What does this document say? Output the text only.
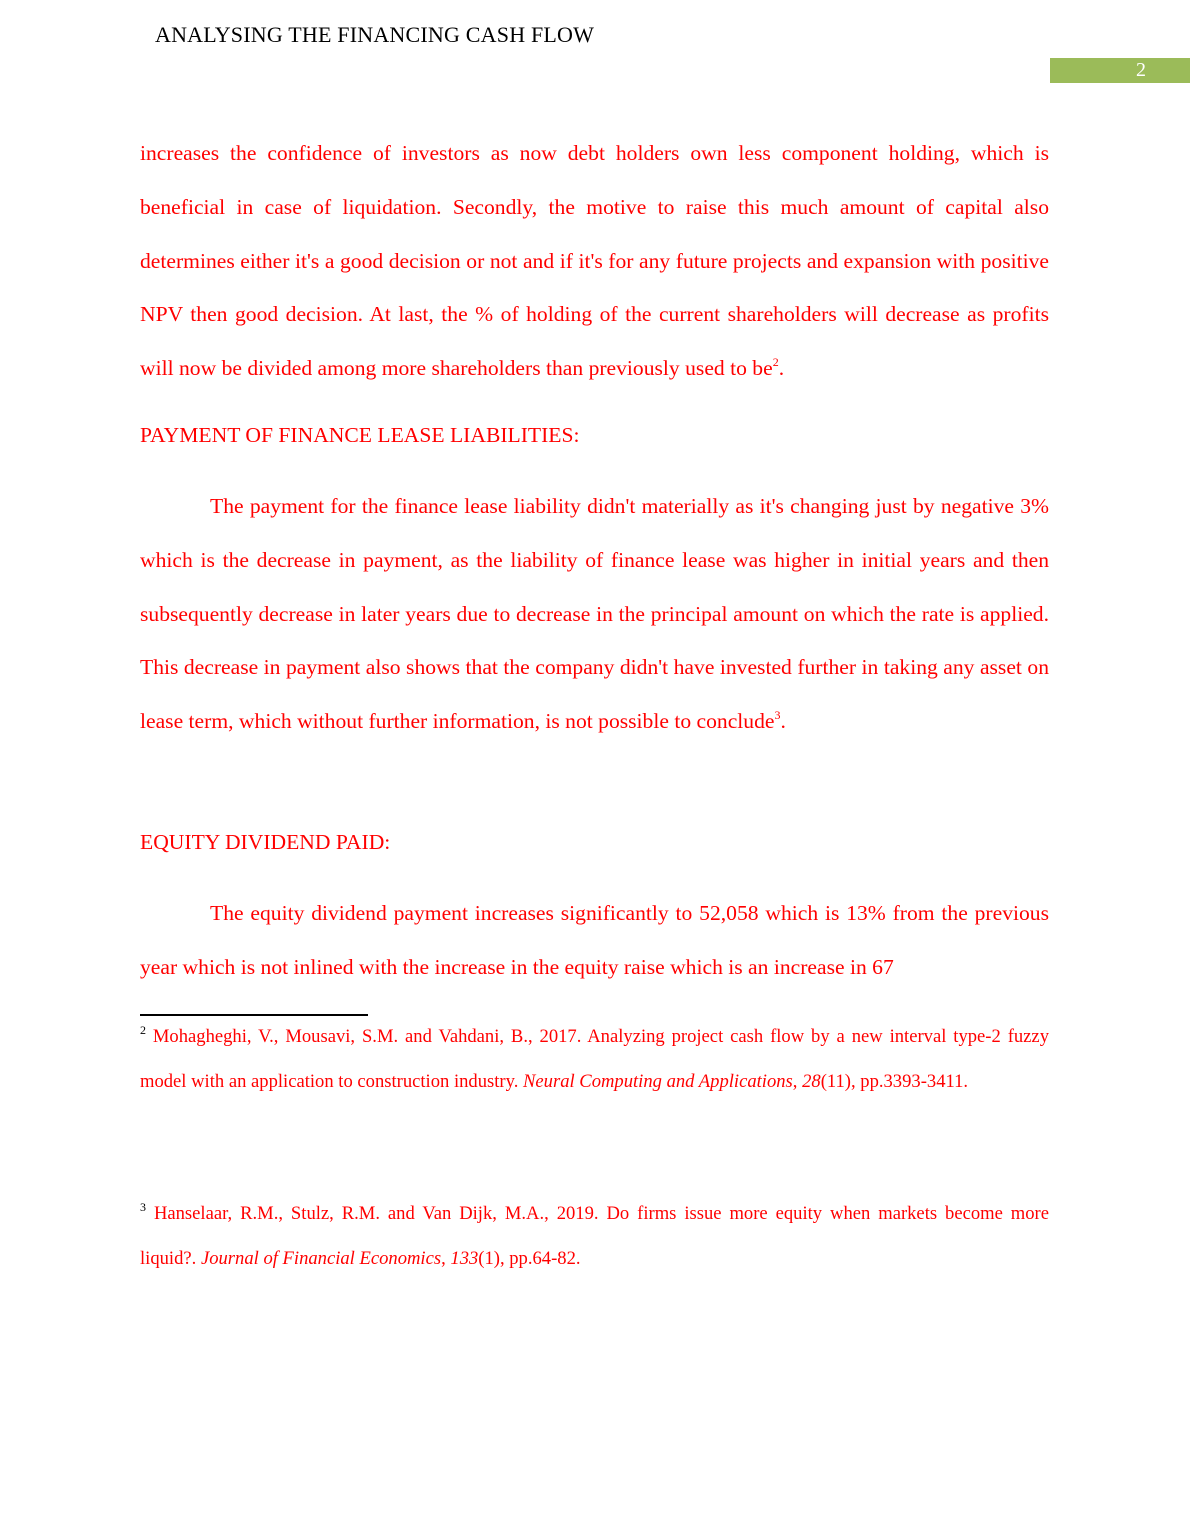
ANALYSING THE FINANCING CASH FLOW
2

increases the confidence of investors as now debt holders own less component holding, which is beneficial in case of liquidation. Secondly, the motive to raise this much amount of capital also determines either it's a good decision or not and if it's for any future projects and expansion with positive NPV then good decision. At last, the % of holding of the current shareholders will decrease as profits will now be divided among more shareholders than previously used to be$^2$.

PAYMENT OF FINANCE LEASE LIABILITIES:

The payment for the finance lease liability didn't materially as it's changing just by negative 3% which is the decrease in payment, as the liability of finance lease was higher in initial years and then subsequently decrease in later years due to decrease in the principal amount on which the rate is applied. This decrease in payment also shows that the company didn't have invested further in taking any asset on lease term, which without further information, is not possible to conclude$^3$.

EQUITY DIVIDEND PAID:

The equity dividend payment increases significantly to 52,058 which is 13% from the previous year which is not inlined with the increase in the equity raise which is an increase in 67

$^2$ Mohagheghi, V., Mousavi, S.M. and Vahdani, B., 2017. Analyzing project cash flow by a new interval type-2 fuzzy model with an application to construction industry. Neural Computing and Applications, 28(11), pp.3393-3411.

$^3$ Hanselaar, R.M., Stulz, R.M. and Van Dijk, M.A., 2019. Do firms issue more equity when markets become more liquid?. Journal of Financial Economics, 133(1), pp.64-82.
